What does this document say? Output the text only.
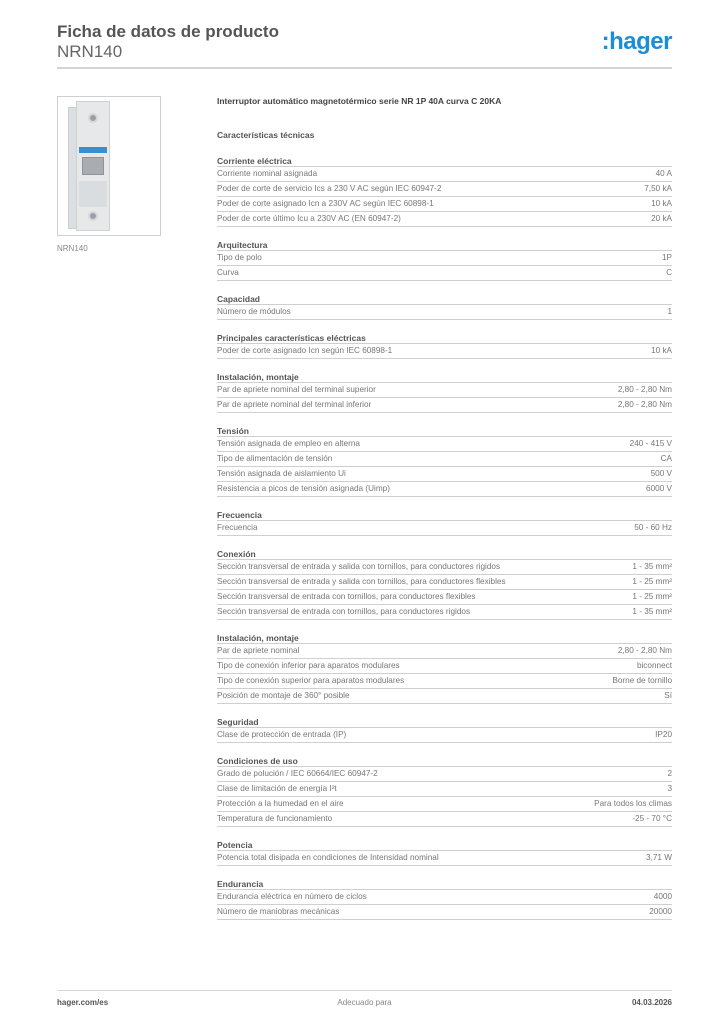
Ficha de datos de producto
NRN140	:hager
NRN140
Interruptor automático magnetotérmico serie NR 1P 40A curva C 20KA
Características técnicas
Corriente eléctrica
Corriente nominal asignada	40 A
Poder de corte de servicio Ics a 230 V AC según IEC 60947-2	7,50 kA
Poder de corte asignado Icn a 230V AC según IEC 60898-1	10 kA
Poder de corte último Icu a 230V AC (EN 60947-2)	20 kA
Arquitectura
Tipo de polo	1P
Curva	C
Capacidad
Número de módulos	1
Principales características eléctricas
Poder de corte asignado Icn según IEC 60898-1	10 kA
Instalación, montaje
Par de apriete nominal del terminal superior	2,80 - 2,80 Nm
Par de apriete nominal del terminal inferior	2,80 - 2,80 Nm
Tensión
Tensión asignada de empleo en alterna	240 - 415 V
Tipo de alimentación de tensión	CA
Tensión asignada de aislamiento Ui	500 V
Resistencia a picos de tensión asignada (Uimp)	6000 V
Frecuencia
Frecuencia	50 - 60 Hz
Conexión
Sección transversal de entrada y salida con tornillos, para conductores rigidos	1 - 35 mm²
Sección transversal de entrada y salida con tornillos, para conductores flexibles	1 - 25 mm²
Sección transversal de entrada con tornillos, para conductores flexibles	1 - 25 mm²
Sección transversal de entrada con tornillos, para conductores rigidos	1 - 35 mm²
Instalación, montaje
Par de apriete nominal	2,80 - 2,80 Nm
Tipo de conexión inferior para aparatos modulares	biconnect
Tipo de conexión superior para aparatos modulares	Borne de tornillo
Posición de montaje de 360° posible	Sí
Seguridad
Clase de protección de entrada (IP)	IP20
Condiciones de uso
Grado de polución / IEC 60664/IEC 60947-2	2
Clase de limitación de energía I²t	3
Protección a la humedad en el aire	Para todos los climas
Temperatura de funcionamiento	-25 - 70 °C
Potencia
Potencia total disipada en condiciones de Intensidad nominal	3,71 W
Endurancia
Endurancia eléctrica en número de ciclos	4000
Número de maniobras mecánicas	20000
hager.com/es	Adecuado para	04.03.2026
